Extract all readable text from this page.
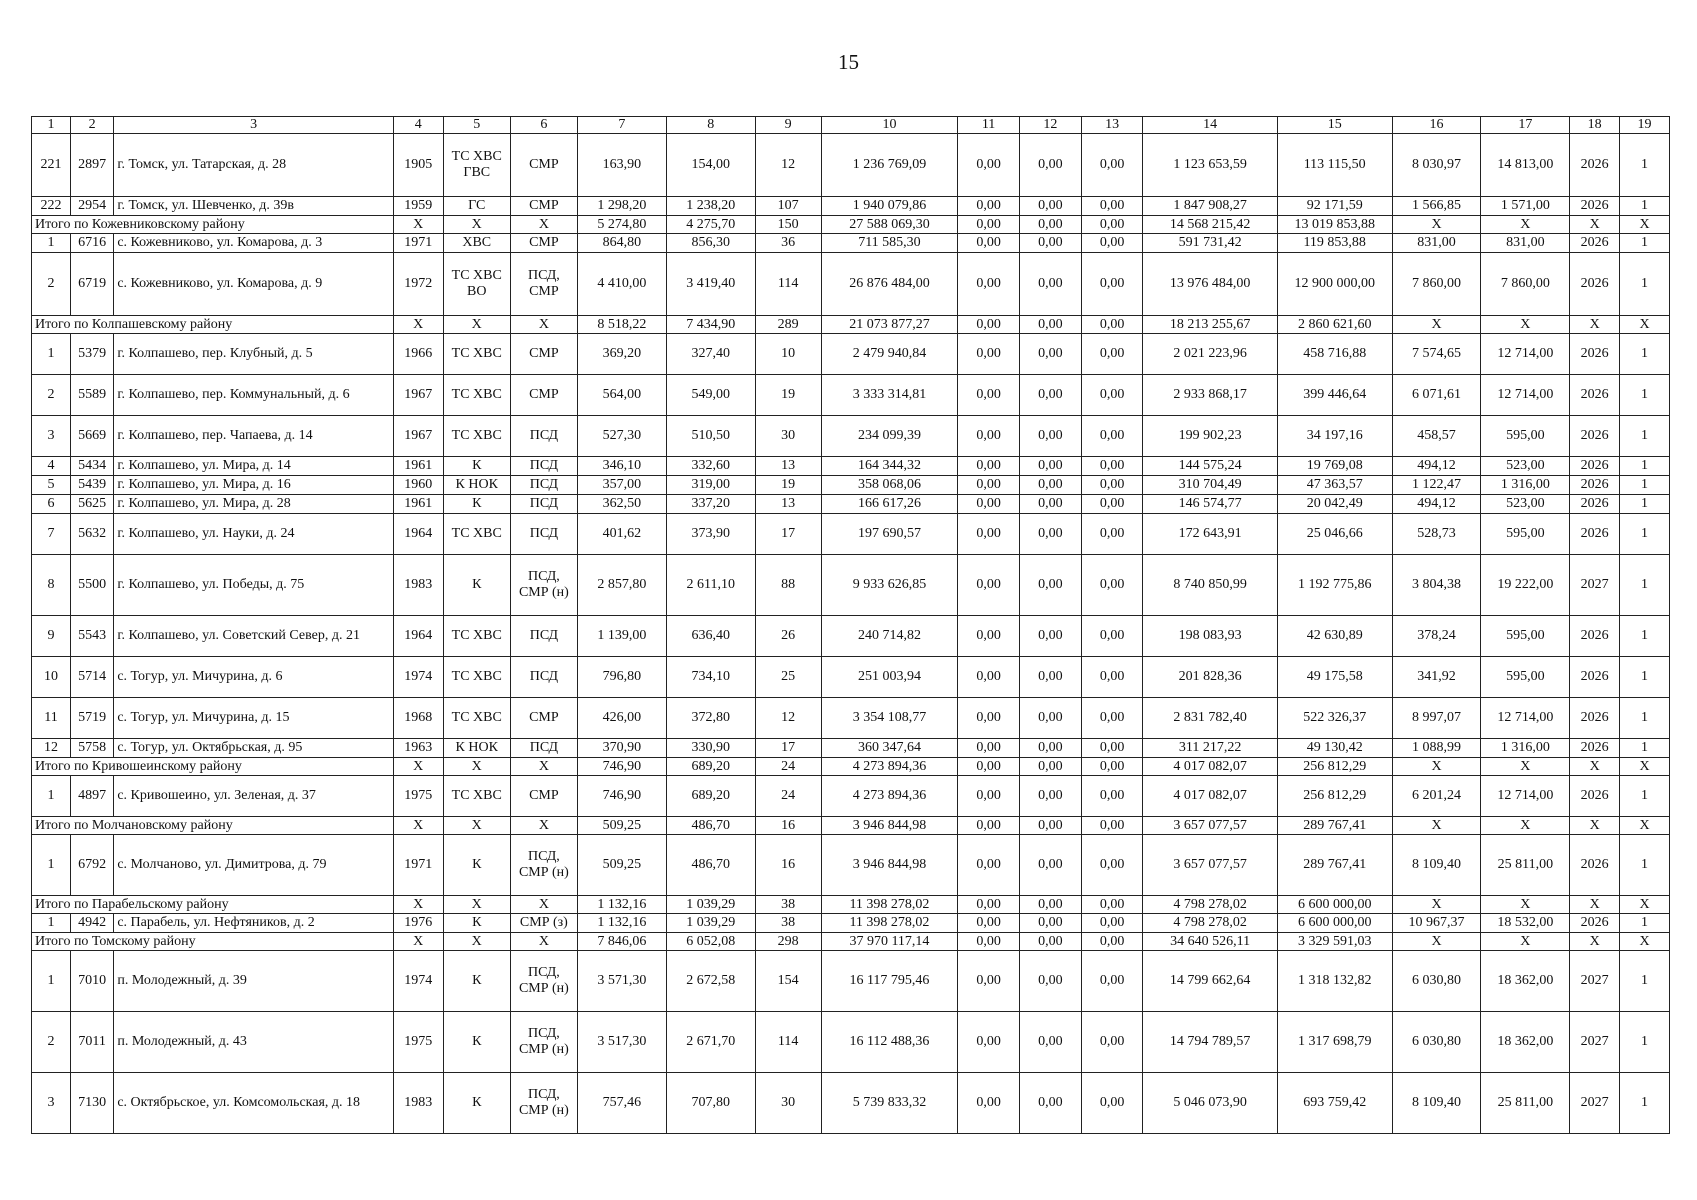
15
1	2	3	4	5	6	7	8	9	10	11	12	13	14	15	16	17	18	19
221	2897	г. Томск, ул. Татарская, д. 28	1905	ТС ХВС ГВС	СМР	163,90	154,00	12	1 236 769,09	0,00	0,00	0,00	1 123 653,59	113 115,50	8 030,97	14 813,00	2026	1
222	2954	г. Томск, ул. Шевченко, д. 39в	1959	ГС	СМР	1 298,20	1 238,20	107	1 940 079,86	0,00	0,00	0,00	1 847 908,27	92 171,59	1 566,85	1 571,00	2026	1
Итого по Кожевниковскому району			X	X	X	5 274,80	4 275,70	150	27 588 069,30	0,00	0,00	0,00	14 568 215,42	13 019 853,88	X	X	X	X
1	6716	с. Кожевниково, ул. Комарова, д. 3	1971	ХВС	СМР	864,80	856,30	36	711 585,30	0,00	0,00	0,00	591 731,42	119 853,88	831,00	831,00	2026	1
2	6719	с. Кожевниково, ул. Комарова, д. 9	1972	ТС ХВС ВО	ПСД, СМР	4 410,00	3 419,40	114	26 876 484,00	0,00	0,00	0,00	13 976 484,00	12 900 000,00	7 860,00	7 860,00	2026	1
Итого по Колпашевскому району			X	X	X	8 518,22	7 434,90	289	21 073 877,27	0,00	0,00	0,00	18 213 255,67	2 860 621,60	X	X	X	X
1	5379	г. Колпашево, пер. Клубный, д. 5	1966	ТС ХВС	СМР	369,20	327,40	10	2 479 940,84	0,00	0,00	0,00	2 021 223,96	458 716,88	7 574,65	12 714,00	2026	1
2	5589	г. Колпашево, пер. Коммунальный, д. 6	1967	ТС ХВС	СМР	564,00	549,00	19	3 333 314,81	0,00	0,00	0,00	2 933 868,17	399 446,64	6 071,61	12 714,00	2026	1
3	5669	г. Колпашево, пер. Чапаева, д. 14	1967	ТС ХВС	ПСД	527,30	510,50	30	234 099,39	0,00	0,00	0,00	199 902,23	34 197,16	458,57	595,00	2026	1
4	5434	г. Колпашево, ул. Мира, д. 14	1961	К	ПСД	346,10	332,60	13	164 344,32	0,00	0,00	0,00	144 575,24	19 769,08	494,12	523,00	2026	1
5	5439	г. Колпашево, ул. Мира, д. 16	1960	К НОК	ПСД	357,00	319,00	19	358 068,06	0,00	0,00	0,00	310 704,49	47 363,57	1 122,47	1 316,00	2026	1
6	5625	г. Колпашево, ул. Мира, д. 28	1961	К	ПСД	362,50	337,20	13	166 617,26	0,00	0,00	0,00	146 574,77	20 042,49	494,12	523,00	2026	1
7	5632	г. Колпашево, ул. Науки, д. 24	1964	ТС ХВС	ПСД	401,62	373,90	17	197 690,57	0,00	0,00	0,00	172 643,91	25 046,66	528,73	595,00	2026	1
8	5500	г. Колпашево, ул. Победы, д. 75	1983	К	ПСД, СМР (н)	2 857,80	2 611,10	88	9 933 626,85	0,00	0,00	0,00	8 740 850,99	1 192 775,86	3 804,38	19 222,00	2027	1
9	5543	г. Колпашево, ул. Советский Север, д. 21	1964	ТС ХВС	ПСД	1 139,00	636,40	26	240 714,82	0,00	0,00	0,00	198 083,93	42 630,89	378,24	595,00	2026	1
10	5714	с. Тогур, ул. Мичурина, д. 6	1974	ТС ХВС	ПСД	796,80	734,10	25	251 003,94	0,00	0,00	0,00	201 828,36	49 175,58	341,92	595,00	2026	1
11	5719	с. Тогур, ул. Мичурина, д. 15	1968	ТС ХВС	СМР	426,00	372,80	12	3 354 108,77	0,00	0,00	0,00	2 831 782,40	522 326,37	8 997,07	12 714,00	2026	1
12	5758	с. Тогур, ул. Октябрьская, д. 95	1963	К НОК	ПСД	370,90	330,90	17	360 347,64	0,00	0,00	0,00	311 217,22	49 130,42	1 088,99	1 316,00	2026	1
Итого по Кривошеинскому району			X	X	X	746,90	689,20	24	4 273 894,36	0,00	0,00	0,00	4 017 082,07	256 812,29	X	X	X	X
1	4897	с. Кривошеино, ул. Зеленая, д. 37	1975	ТС ХВС	СМР	746,90	689,20	24	4 273 894,36	0,00	0,00	0,00	4 017 082,07	256 812,29	6 201,24	12 714,00	2026	1
Итого по Молчановскому району			X	X	X	509,25	486,70	16	3 946 844,98	0,00	0,00	0,00	3 657 077,57	289 767,41	X	X	X	X
1	6792	с. Молчаново, ул. Димитрова, д. 79	1971	К	ПСД, СМР (н)	509,25	486,70	16	3 946 844,98	0,00	0,00	0,00	3 657 077,57	289 767,41	8 109,40	25 811,00	2026	1
Итого по Парабельскому району			X	X	X	1 132,16	1 039,29	38	11 398 278,02	0,00	0,00	0,00	4 798 278,02	6 600 000,00	X	X	X	X
1	4942	с. Парабель, ул. Нефтяников, д. 2	1976	К	СМР (з)	1 132,16	1 039,29	38	11 398 278,02	0,00	0,00	0,00	4 798 278,02	6 600 000,00	10 967,37	18 532,00	2026	1
Итого по Томскому району			X	X	X	7 846,06	6 052,08	298	37 970 117,14	0,00	0,00	0,00	34 640 526,11	3 329 591,03	X	X	X	X
1	7010	п. Молодежный, д. 39	1974	К	ПСД, СМР (н)	3 571,30	2 672,58	154	16 117 795,46	0,00	0,00	0,00	14 799 662,64	1 318 132,82	6 030,80	18 362,00	2027	1
2	7011	п. Молодежный, д. 43	1975	К	ПСД, СМР (н)	3 517,30	2 671,70	114	16 112 488,36	0,00	0,00	0,00	14 794 789,57	1 317 698,79	6 030,80	18 362,00	2027	1
3	7130	с. Октябрьское, ул. Комсомольская, д. 18	1983	К	ПСД, СМР (н)	757,46	707,80	30	5 739 833,32	0,00	0,00	0,00	5 046 073,90	693 759,42	8 109,40	25 811,00	2027	1
